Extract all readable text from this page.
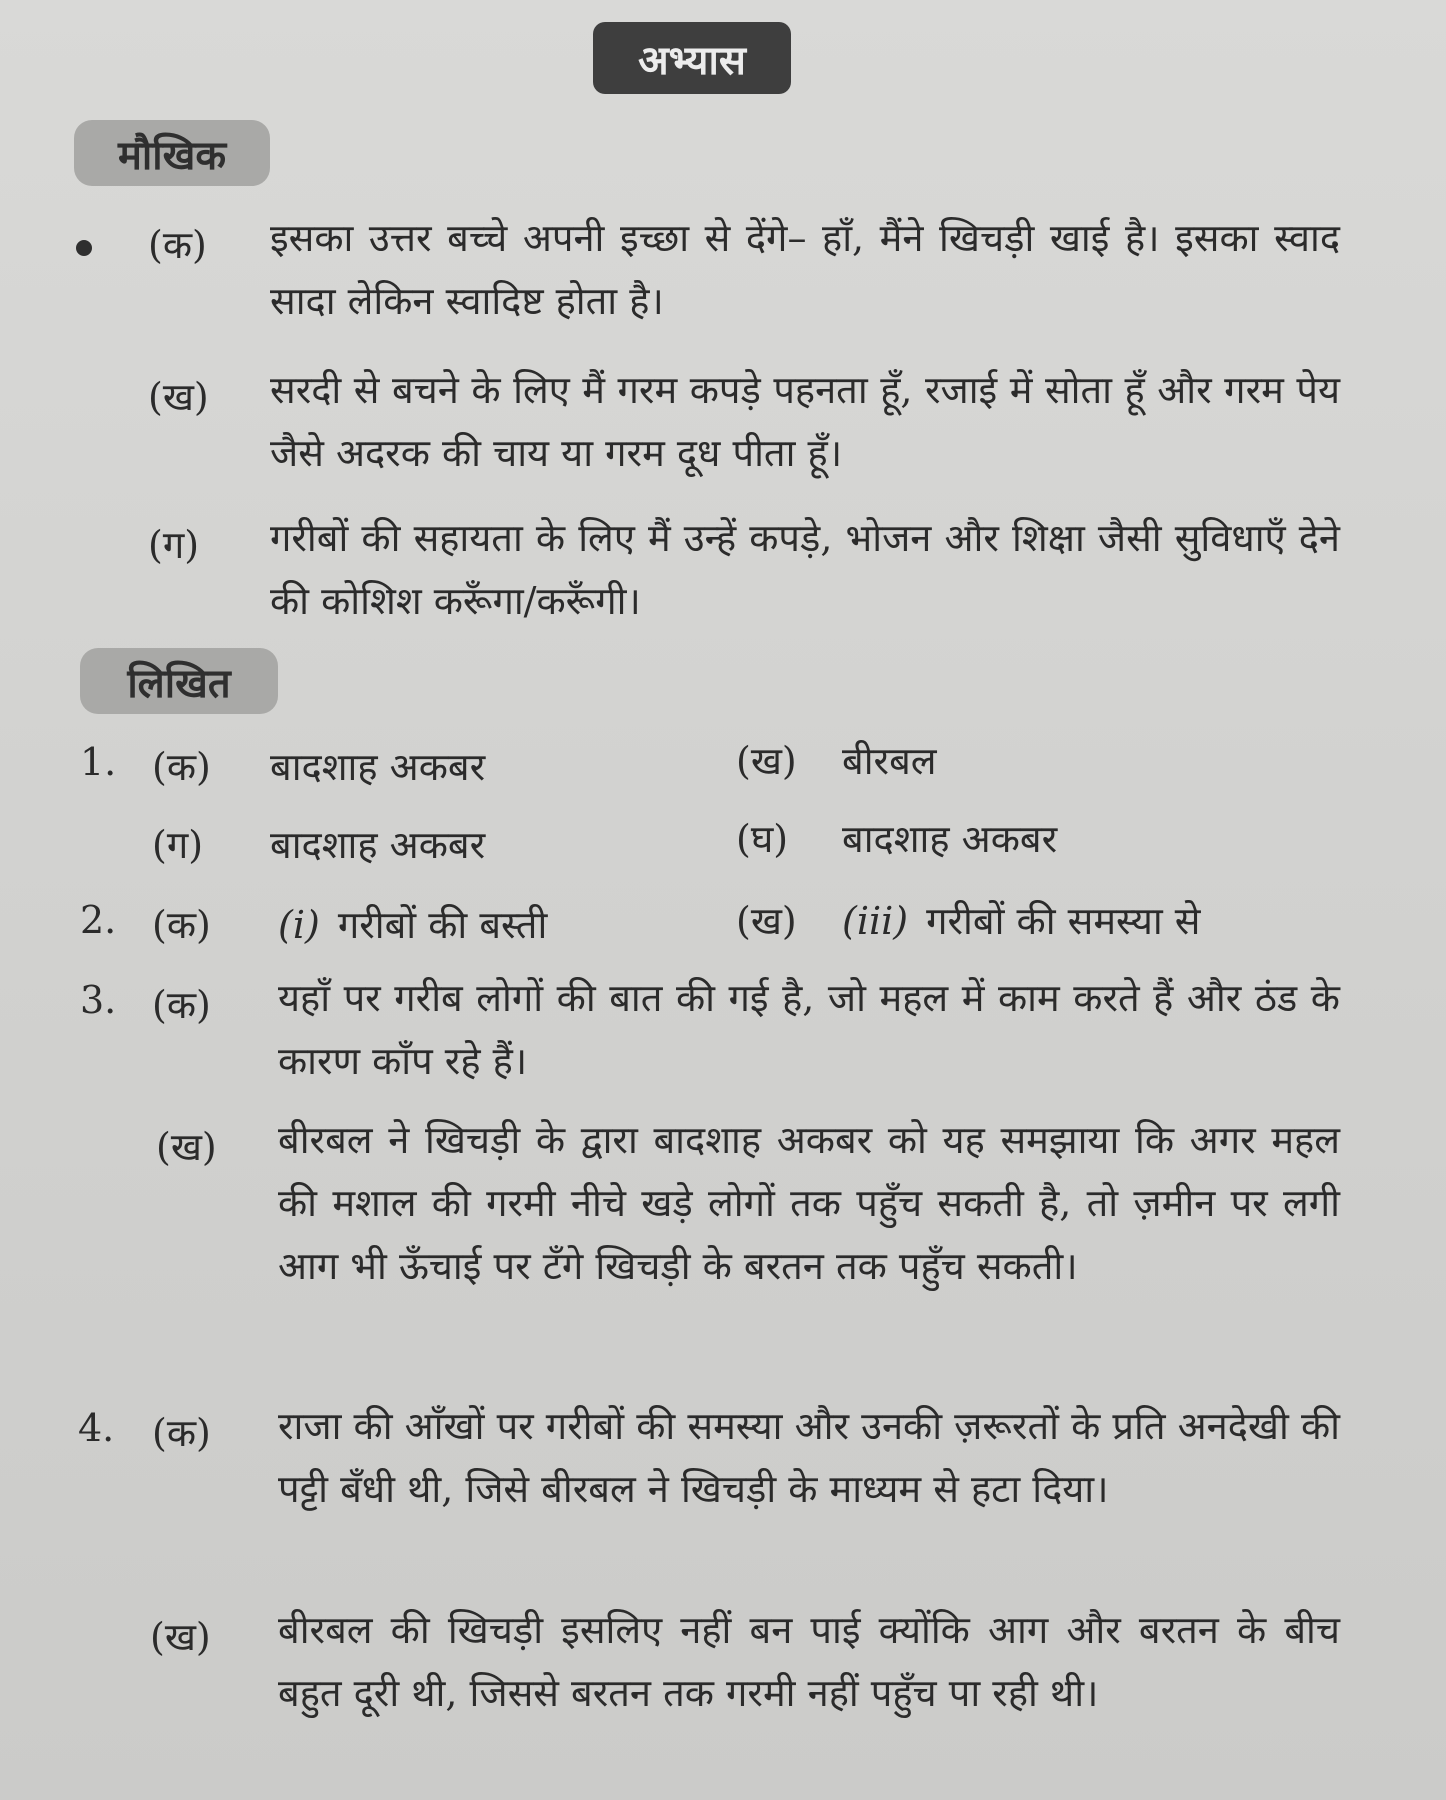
अभ्यास
मौखिक
(क) इसका उत्तर बच्चे अपनी इच्छा से देंगे– हाँ, मैंने खिचड़ी खाई है। इसका स्वाद सादा लेकिन स्वादिष्ट होता है।
(ख) सरदी से बचने के लिए मैं गरम कपड़े पहनता हूँ, रजाई में सोता हूँ और गरम पेय जैसे अदरक की चाय या गरम दूध पीता हूँ।
(ग) गरीबों की सहायता के लिए मैं उन्हें कपड़े, भोजन और शिक्षा जैसी सुविधाएँ देने की कोशिश करूँगा/करूँगी।
लिखित
1. (क) बादशाह अकबर	(ख) बीरबल
(ग) बादशाह अकबर	(घ) बादशाह अकबर
2. (क) (i) गरीबों की बस्ती	(ख) (iii) गरीबों की समस्या से
3. (क) यहाँ पर गरीब लोगों की बात की गई है, जो महल में काम करते हैं और ठंड के कारण काँप रहे हैं।
(ख) बीरबल ने खिचड़ी के द्वारा बादशाह अकबर को यह समझाया कि अगर महल की मशाल की गरमी नीचे खड़े लोगों तक पहुँच सकती है, तो ज़मीन पर लगी आग भी ऊँचाई पर टँगे खिचड़ी के बरतन तक पहुँच सकती।
4. (क) राजा की आँखों पर गरीबों की समस्या और उनकी ज़रूरतों के प्रति अनदेखी की पट्टी बँधी थी, जिसे बीरबल ने खिचड़ी के माध्यम से हटा दिया।
(ख) बीरबल की खिचड़ी इसलिए नहीं बन पाई क्योंकि आग और बरतन के बीच बहुत दूरी थी, जिससे बरतन तक गरमी नहीं पहुँच पा रही थी।
